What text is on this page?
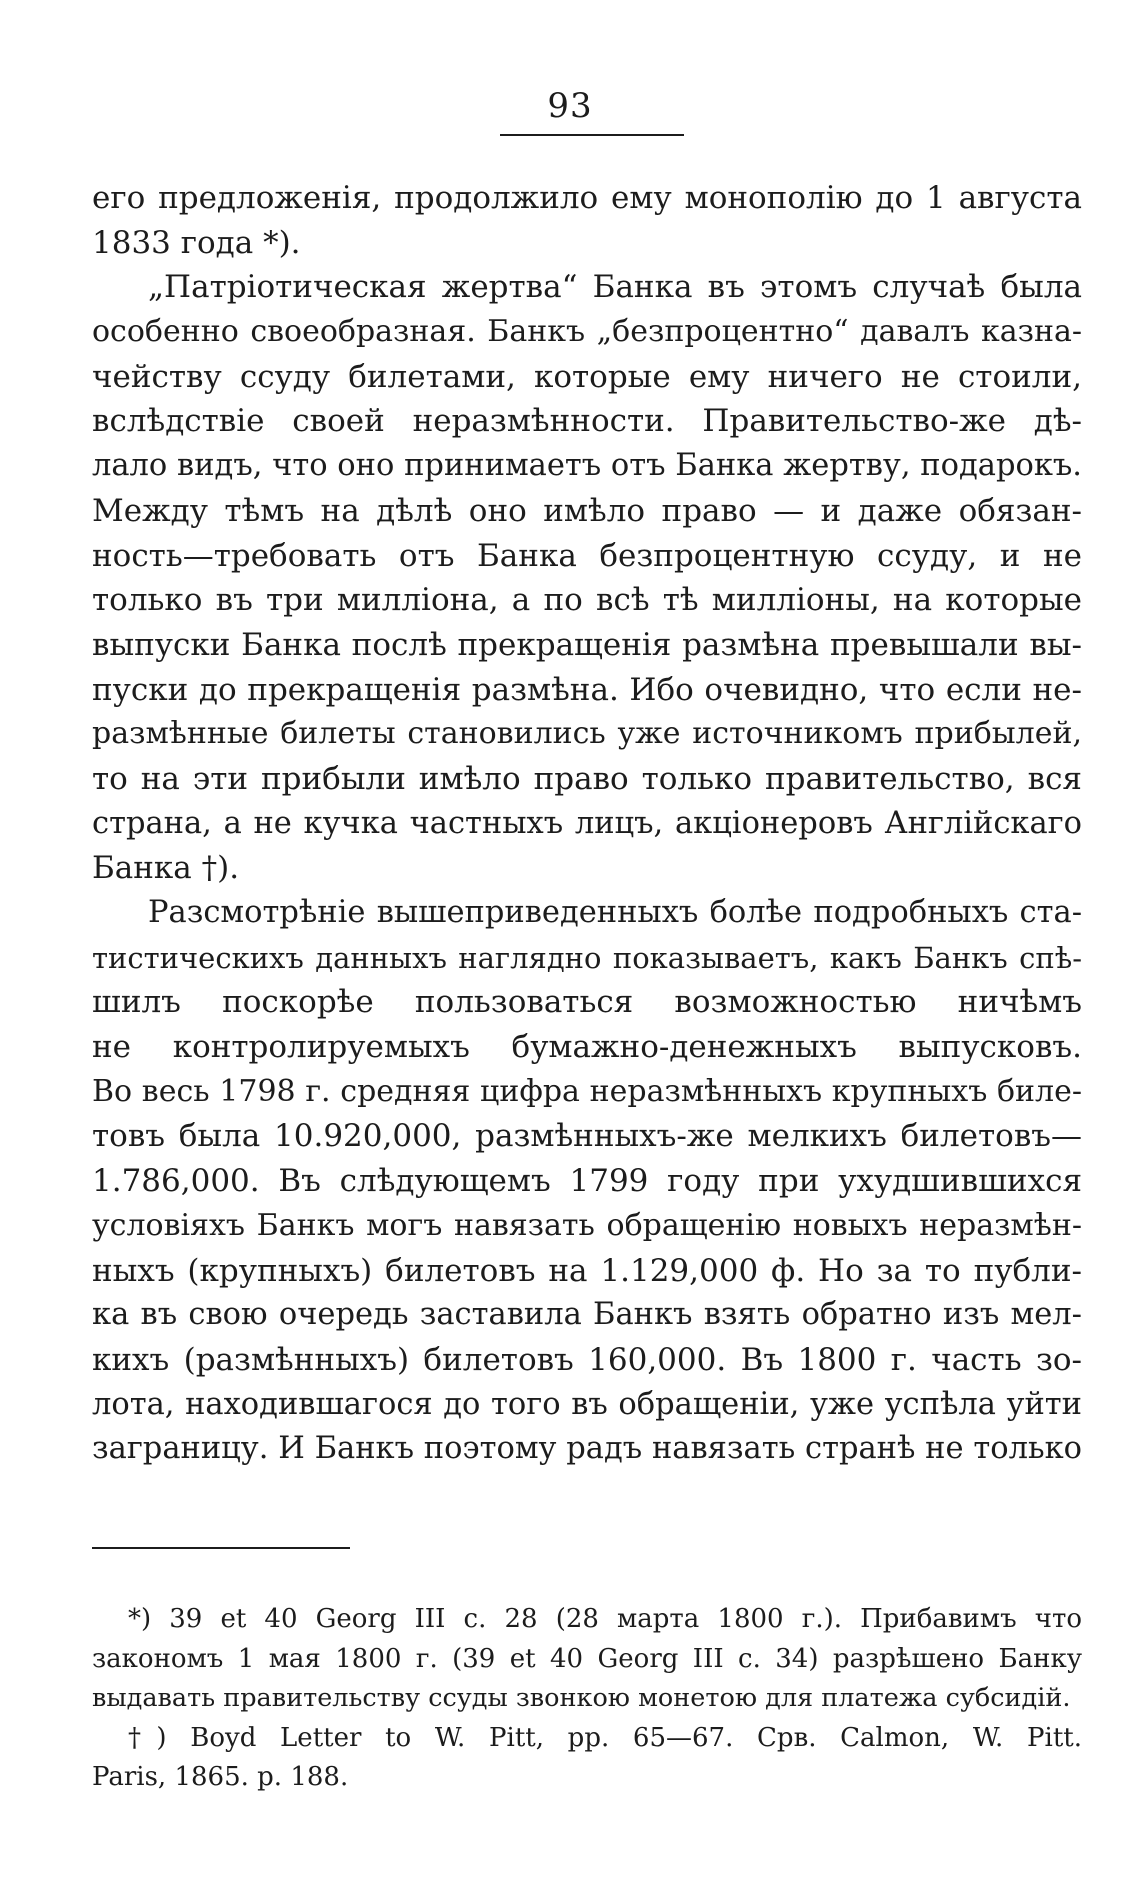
93
его предложенія, продолжило ему монополію до 1 августа
1833 года *).
„Патріотическая жертва“ Банка въ этомъ случаѣ была
особенно своеобразная. Банкъ „безпроцентно“ давалъ казна-
чейству ссуду билетами, которые ему ничего не стоили,
вслѣдствіе своей неразмѣнности. Правительство-же дѣ-
лало видъ, что оно принимаетъ отъ Банка жертву, подарокъ.
Между тѣмъ на дѣлѣ оно имѣло право — и даже обязан-
ность—требовать отъ Банка безпроцентную ссуду, и не
только въ три милліона, а по всѣ тѣ милліоны, на которые
выпуски Банка послѣ прекращенія размѣна превышали вы-
пуски до прекращенія размѣна. Ибо очевидно, что если не-
размѣнные билеты становились уже источникомъ прибылей,
то на эти прибыли имѣло право только правительство, вся
страна, а не кучка частныхъ лицъ, акціонеровъ Англійскаго
Банка †).
Разсмотрѣніе вышеприведенныхъ болѣе подробныхъ ста-
тистическихъ данныхъ наглядно показываетъ, какъ Банкъ спѣ-
шилъ поскорѣе пользоваться возможностью ничѣмъ
не контролируемыхъ бумажно-денежныхъ выпусковъ.
Во весь 1798 г. средняя цифра неразмѣнныхъ крупныхъ биле-
товъ была 10.920,000, размѣнныхъ-же мелкихъ билетовъ—
1.786,000. Въ слѣдующемъ 1799 году при ухудшившихся
условіяхъ Банкъ могъ навязать обращенію новыхъ неразмѣн-
ныхъ (крупныхъ) билетовъ на 1.129,000 ф. Но за то публи-
ка въ свою очередь заставила Банкъ взять обратно изъ мел-
кихъ (размѣнныхъ) билетовъ 160,000. Въ 1800 г. часть зо-
лота, находившагося до того въ обращеніи, уже успѣла уйти
заграницу. И Банкъ поэтому радъ навязать странѣ не только
*) 39 et 40 Georg III c. 28 (28 марта 1800 г.). Прибавимъ что
закономъ 1 мая 1800 г. (39 et 40 Georg III c. 34) разрѣшено Банку
выдавать правительству ссуды звонкою монетою для платежа субсидій.
†) Boyd Letter to W. Pitt, pp. 65—67. Срв. Calmon, W. Pitt.
Paris, 1865. p. 188.
